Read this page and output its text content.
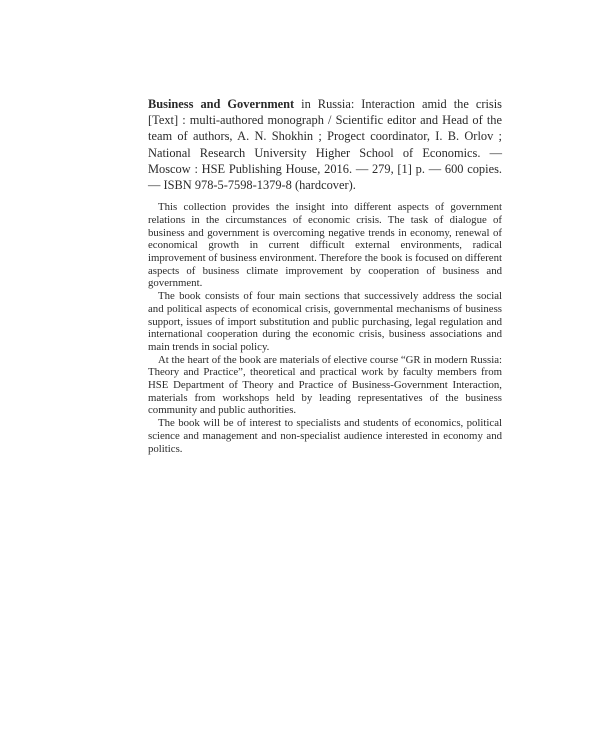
Business and Government in Russia: Interaction amid the crisis [Text] : multi-authored monograph / Scientific editor and Head of the team of authors, A. N. Shokhin ; Progect coordinator, I. B. Orlov ; National Research University Higher School of Economics. — Moscow : HSE Publishing House, 2016. — 279, [1] p. — 600 copies. — ISBN 978-5-7598-1379-8 (hardcover).

This collection provides the insight into different aspects of government relations in the circumstances of economic crisis. The task of dialogue of business and government is overcoming negative trends in economy, renewal of economical growth in current difficult external environments, radical improvement of business environment. Therefore the book is focused on different aspects of business climate improvement by cooperation of business and government.

The book consists of four main sections that successively address the social and political aspects of economical crisis, governmental mechanisms of business support, issues of import substitution and public purchasing, legal regulation and international cooperation during the economic crisis, business associations and main trends in social policy.

At the heart of the book are materials of elective course “GR in modern Russia: Theory and Practice”, theoretical and practical work by faculty members from HSE Department of Theory and Practice of Business-Government Interaction, materials from workshops held by leading representatives of the business community and public authorities.

The book will be of interest to specialists and students of economics, political science and management and non-specialist audience interested in economy and politics.
